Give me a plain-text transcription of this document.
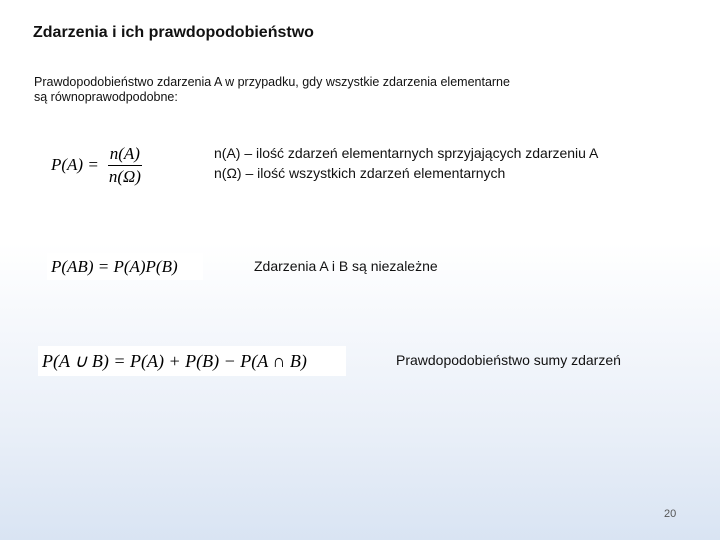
Zdarzenia i ich prawdopodobieństwo
Prawdopodobieństwo zdarzenia A w przypadku, gdy wszystkie zdarzenia elementarne
są równoprawodpodobne:
$P(A) = \frac{n(A)}{n(\Omega)}$	n(A) – ilość zdarzeń elementarnych sprzyjających zdarzeniu A
n(Ω) – ilość wszystkich zdarzeń elementarnych
P(AB) = P(A)P(B)	Zdarzenia A i B są niezależne
P(A ∪ B) = P(A) + P(B) − P(A ∩ B)	Prawdopodobieństwo sumy zdarzeń
20
